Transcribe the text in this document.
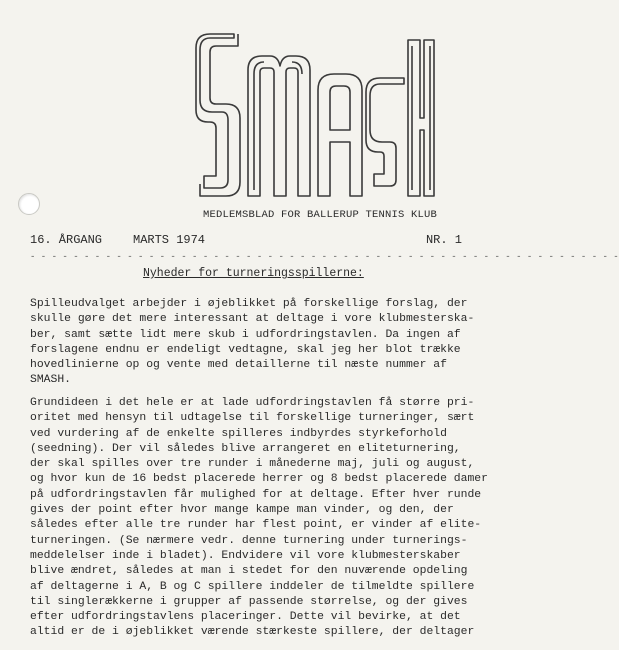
MEDLEMSBLAD FOR BALLERUP TENNIS KLUB
16. ÅRGANG	MARTS 1974	NR. 1
- - - - - - - - - - - - - - - - - - - - - - - - - - - - - - - - - - - - - - - - - - - - - - - - - - - - - - -
Nyheder for turneringsspillerne:
Spilleudvalget arbejder i øjeblikket på forskellige forslag, der
skulle gøre det mere interessant at deltage i vore klubmesterska-
ber, samt sætte lidt mere skub i udfordringstavlen. Da ingen af
forslagene endnu er endeligt vedtagne, skal jeg her blot trække
hovedlinierne op og vente med detaillerne til næste nummer af
SMASH.
Grundideen i det hele er at lade udfordringstavlen få større pri-
oritet med hensyn til udtagelse til forskellige turneringer, sært
ved vurdering af de enkelte spilleres indbyrdes styrkeforhold
(seedning). Der vil således blive arrangeret en eliteturnering,
der skal spilles over tre runder i månederne maj, juli og august,
og hvor kun de 16 bedst placerede herrer og 8 bedst placerede damer
på udfordringstavlen får mulighed for at deltage. Efter hver runde
gives der point efter hvor mange kampe man vinder, og den, der
således efter alle tre runder har flest point, er vinder af elite-
turneringen. (Se nærmere vedr. denne turnering under turnerings-
meddelelser inde i bladet). Endvidere vil vore klubmesterskaber
blive ændret, således at man i stedet for den nuværende opdeling
af deltagerne i A, B og C spillere inddeler de tilmeldte spillere
til singlerækkerne i grupper af passende størrelse, og der gives
efter udfordringstavlens placeringer. Dette vil bevirke, at det
altid er de i øjeblikket værende stærkeste spillere, der deltager
